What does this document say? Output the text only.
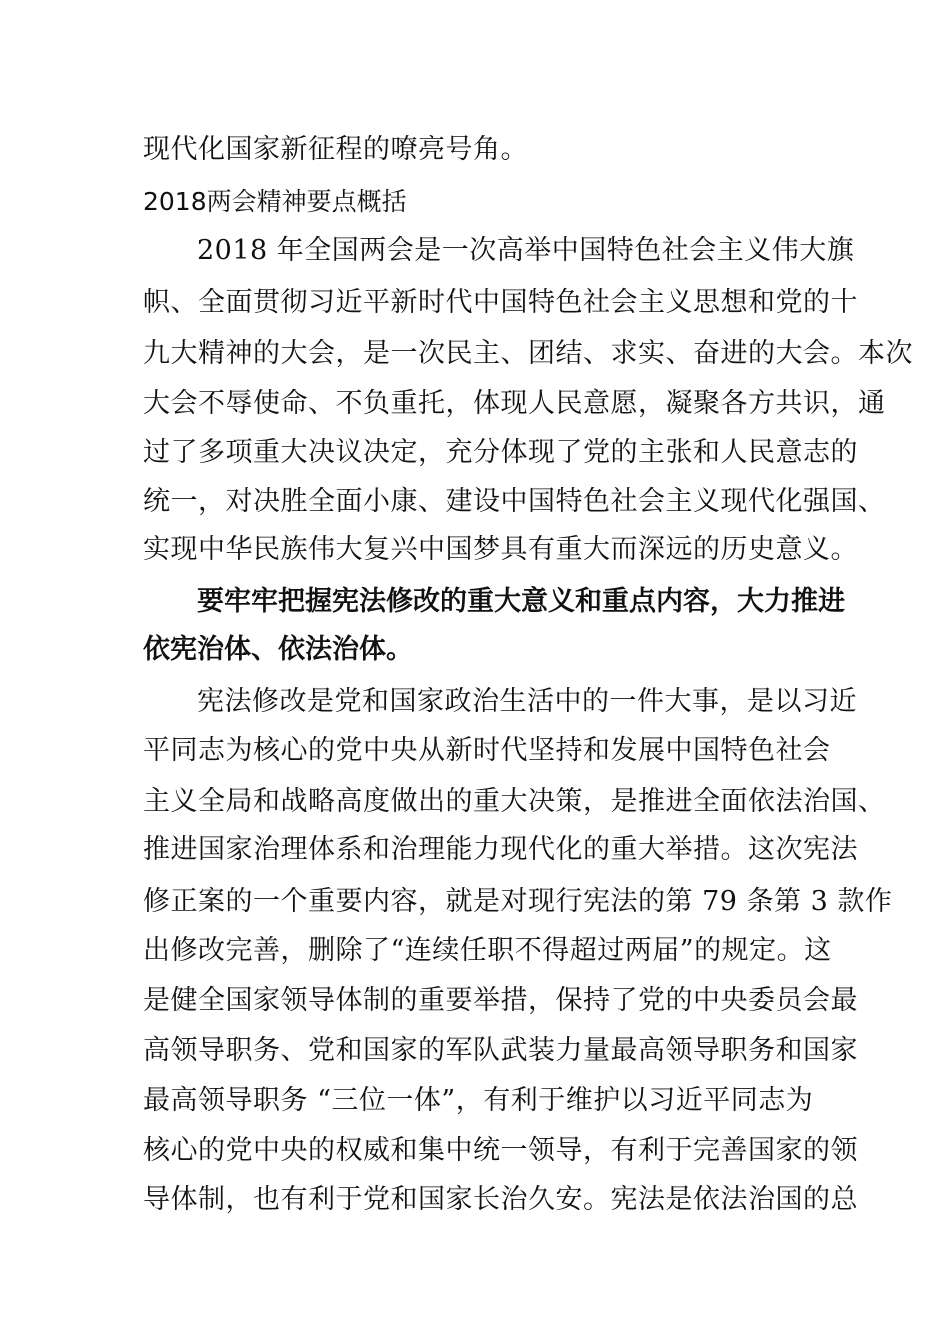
现代化国家新征程的嘹亮号角。
2018两会精神要点概括
2018 年全国两会是一次高举中国特色社会主义伟大旗
帜、全面贯彻习近平新时代中国特色社会主义思想和党的十
九大精神的大会，是一次民主、团结、求实、奋进的大会。本次
大会不辱使命、不负重托，体现人民意愿，凝聚各方共识，通
过了多项重大决议决定，充分体现了党的主张和人民意志的
统一，对决胜全面小康、建设中国特色社会主义现代化强国、
实现中华民族伟大复兴中国梦具有重大而深远的历史意义。
要牢牢把握宪法修改的重大意义和重点内容，大力推进
依宪治体、依法治体。
宪法修改是党和国家政治生活中的一件大事，是以习近
平同志为核心的党中央从新时代坚持和发展中国特色社会
主义全局和战略高度做出的重大决策，是推进全面依法治国、
推进国家治理体系和治理能力现代化的重大举措。这次宪法
修正案的一个重要内容，就是对现行宪法的第 79 条第 3 款作
出修改完善，删除了“连续任职不得超过两届”的规定。这
是健全国家领导体制的重要举措，保持了党的中央委员会最
高领导职务、党和国家的军队武装力量最高领导职务和国家
最高领导职务 “三位一体”，有利于维护以习近平同志为
核心的党中央的权威和集中统一领导，有利于完善国家的领
导体制，也有利于党和国家长治久安。宪法是依法治国的总
